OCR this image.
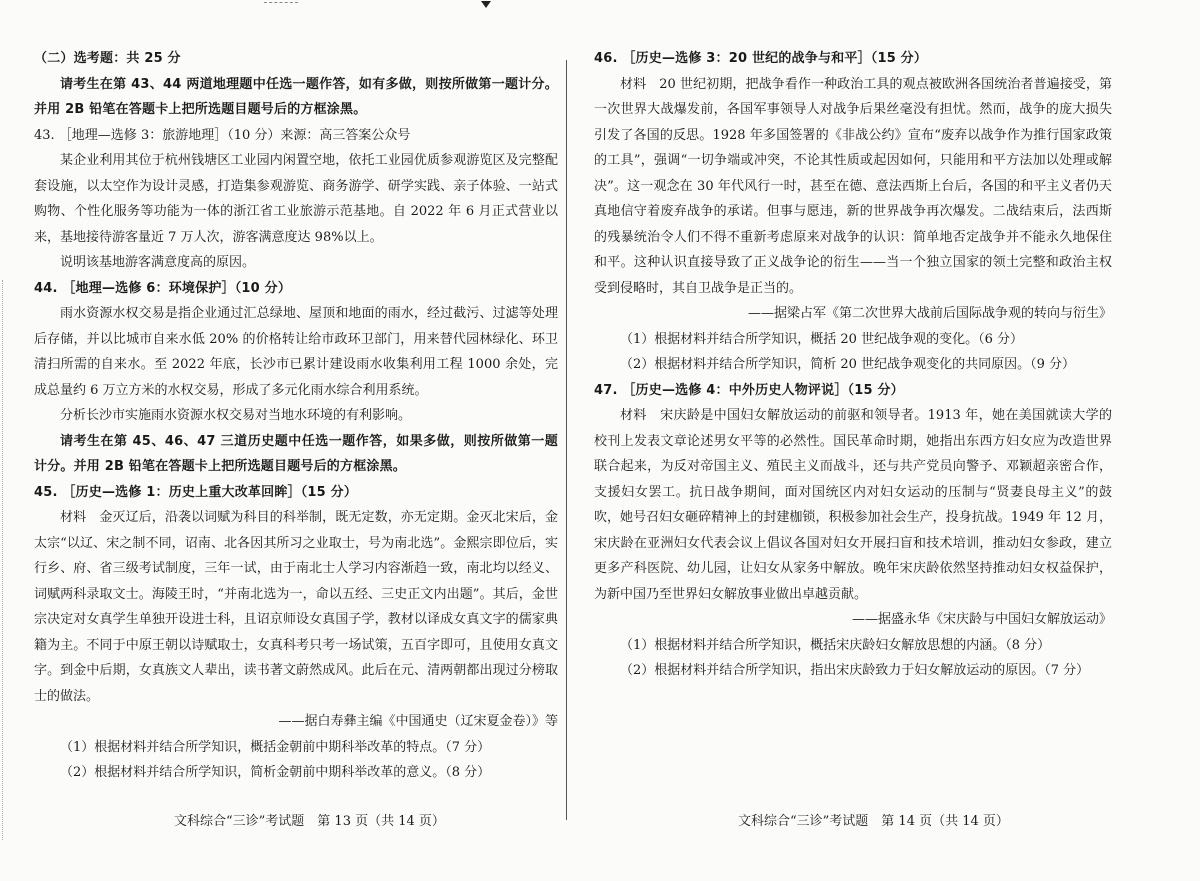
（二）选考题：共 25 分

请考生在第 43、44 两道地理题中任选一题作答，如有多做，则按所做第一题计分。并用 2B 铅笔在答题卡上把所选题目题号后的方框涂黑。

43. ［地理—选修 3：旅游地理］（10 分）来源：高三答案公众号

某企业利用其位于杭州钱塘区工业园内闲置空地，依托工业园优质参观游览区及完整配套设施，以太空作为设计灵感，打造集参观游览、商务游学、研学实践、亲子体验、一站式购物、个性化服务等功能为一体的浙江省工业旅游示范基地。自 2022 年 6 月正式营业以来，基地接待游客量近 7 万人次，游客满意度达 98%以上。

说明该基地游客满意度高的原因。

44. ［地理—选修 6：环境保护］（10 分）

雨水资源水权交易是指企业通过汇总绿地、屋顶和地面的雨水，经过截污、过滤等处理后存储，并以比城市自来水低 20% 的价格转让给市政环卫部门，用来替代园林绿化、环卫清扫所需的自来水。至 2022 年底，长沙市已累计建设雨水收集利用工程 1000 余处，完成总量约 6 万立方米的水权交易，形成了多元化雨水综合利用系统。

分析长沙市实施雨水资源水权交易对当地水环境的有利影响。

请考生在第 45、46、47 三道历史题中任选一题作答，如果多做，则按所做第一题计分。并用 2B 铅笔在答题卡上把所选题目题号后的方框涂黑。

45. ［历史—选修 1：历史上重大改革回眸］（15 分）

材料　金灭辽后，沿袭以词赋为科目的科举制，既无定数，亦无定期。金灭北宋后，金太宗“以辽、宋之制不同，诏南、北各因其所习之业取士，号为南北选”。金熙宗即位后，实行乡、府、省三级考试制度，三年一试，由于南北士人学习内容渐趋一致，南北均以经义、词赋两科录取文士。海陵王时，“并南北选为一，命以五经、三史正文内出题”。其后，金世宗决定对女真学生单独开设进士科，且诏京师设女真国子学，教材以译成女真文字的儒家典籍为主。不同于中原王朝以诗赋取士，女真科考只考一场试策，五百字即可，且使用女真文字。到金中后期，女真族文人辈出，读书著文蔚然成风。此后在元、清两朝都出现过分榜取士的做法。

——据白寿彝主编《中国通史（辽宋夏金卷）》等

（1）根据材料并结合所学知识，概括金朝前中期科举改革的特点。（7 分）

（2）根据材料并结合所学知识，简析金朝前中期科举改革的意义。（8 分）

46. ［历史—选修 3：20 世纪的战争与和平］（15 分）

材料　20 世纪初期，把战争看作一种政治工具的观点被欧洲各国统治者普遍接受，第一次世界大战爆发前，各国军事领导人对战争后果丝毫没有担忧。然而，战争的庞大损失引发了各国的反思。1928 年多国签署的《非战公约》宣布“废弃以战争作为推行国家政策的工具”，强调“一切争端或冲突，不论其性质或起因如何，只能用和平方法加以处理或解决”。这一观念在 30 年代风行一时，甚至在德、意法西斯上台后，各国的和平主义者仍天真地信守着废弃战争的承诺。但事与愿违，新的世界战争再次爆发。二战结束后，法西斯的残暴统治令人们不得不重新考虑原来对战争的认识：简单地否定战争并不能永久地保住和平。这种认识直接导致了正义战争论的衍生——当一个独立国家的领土完整和政治主权受到侵略时，其自卫战争是正当的。

——据梁占军《第二次世界大战前后国际战争观的转向与衍生》

（1）根据材料并结合所学知识，概括 20 世纪战争观的变化。（6 分）

（2）根据材料并结合所学知识，简析 20 世纪战争观变化的共同原因。（9 分）

47. ［历史—选修 4：中外历史人物评说］（15 分）

材料　宋庆龄是中国妇女解放运动的前驱和领导者。1913 年，她在美国就读大学的校刊上发表文章论述男女平等的必然性。国民革命时期，她指出东西方妇女应为改造世界联合起来，为反对帝国主义、殖民主义而战斗，还与共产党员向警予、邓颖超亲密合作，支援妇女罢工。抗日战争期间，面对国统区内对妇女运动的压制与“贤妻良母主义”的鼓吹，她号召妇女砸碎精神上的封建枷锁，积极参加社会生产，投身抗战。1949 年 12 月，宋庆龄在亚洲妇女代表会议上倡议各国对妇女开展扫盲和技术培训，推动妇女参政，建立更多产科医院、幼儿园，让妇女从家务中解放。晚年宋庆龄依然坚持推动妇女权益保护，为新中国乃至世界妇女解放事业做出卓越贡献。

——据盛永华《宋庆龄与中国妇女解放运动》

（1）根据材料并结合所学知识，概括宋庆龄妇女解放思想的内涵。（8 分）

（2）根据材料并结合所学知识，指出宋庆龄致力于妇女解放运动的原因。（7 分）

文科综合“三诊”考试题　第 13 页（共 14 页）	文科综合“三诊”考试题　第 14 页（共 14 页）
